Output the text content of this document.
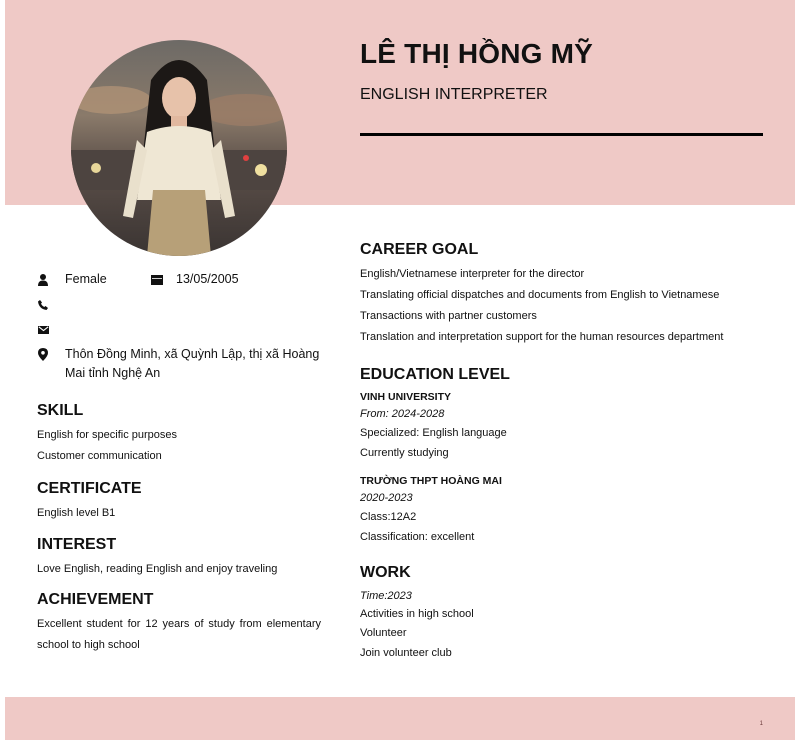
LÊ THỊ HỒNG MỸ
ENGLISH INTERPRETER
Female	13/05/2005
Thôn Đồng Minh, xã Quỳnh Lập, thị xã Hoàng Mai tỉnh Nghệ An
SKILL
English for specific purposes
Customer communication
CERTIFICATE
English level B1
INTEREST
Love English, reading English and enjoy traveling
ACHIEVEMENT
Excellent student for 12 years of study from elementary school to high school
CAREER GOAL
English/Vietnamese interpreter for the director
Translating official dispatches and documents from English to Vietnamese
Transactions with partner customers
Translation and interpretation support for the human resources department
EDUCATION LEVEL
VINH UNIVERSITY
From: 2024-2028
Specialized: English language
Currently studying
TRƯỜNG THPT HOÀNG MAI
2020-2023
Class:12A2
Classification: excellent
WORK
Time:2023
Activities in high school
Volunteer
Join volunteer club
1
